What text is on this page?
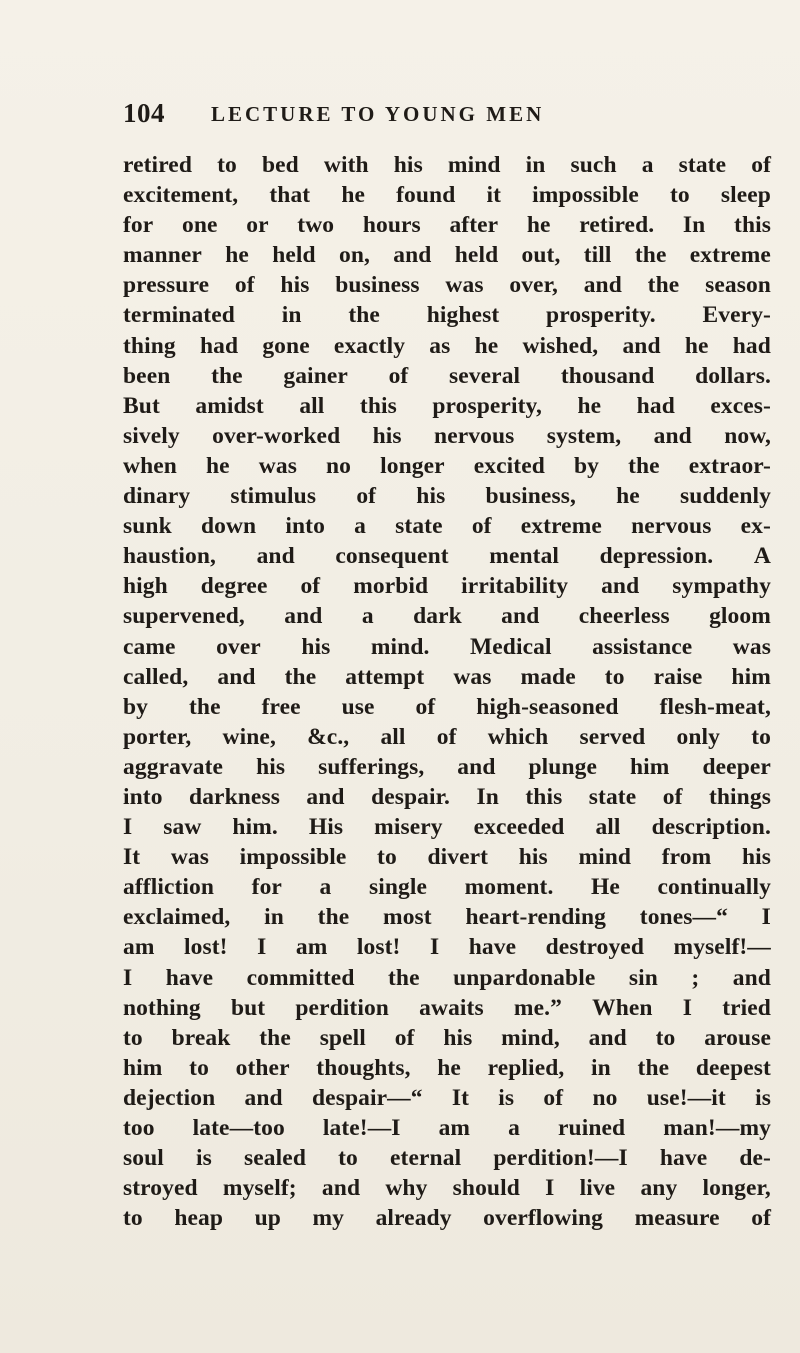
104 LECTURE TO YOUNG MEN
retired to bed with his mind in such a state of
excitement, that he found it impossible to sleep
for one or two hours after he retired. In this
manner he held on, and held out, till the extreme
pressure of his business was over, and the season
terminated in the highest prosperity. Every-
thing had gone exactly as he wished, and he had
been the gainer of several thousand dollars.
But amidst all this prosperity, he had exces-
sively over-worked his nervous system, and now,
when he was no longer excited by the extraor-
dinary stimulus of his business, he suddenly
sunk down into a state of extreme nervous ex-
haustion, and consequent mental depression. A
high degree of morbid irritability and sympathy
supervened, and a dark and cheerless gloom
came over his mind. Medical assistance was
called, and the attempt was made to raise him
by the free use of high-seasoned flesh-meat,
porter, wine, &c., all of which served only to
aggravate his sufferings, and plunge him deeper
into darkness and despair. In this state of things
I saw him. His misery exceeded all description.
It was impossible to divert his mind from his
affliction for a single moment. He continually
exclaimed, in the most heart-rending tones—“ I
am lost! I am lost! I have destroyed myself!—
I have committed the unpardonable sin ; and
nothing but perdition awaits me.” When I tried
to break the spell of his mind, and to arouse
him to other thoughts, he replied, in the deepest
dejection and despair—“ It is of no use!—it is
too late—too late!—I am a ruined man!—my
soul is sealed to eternal perdition!—I have de-
stroyed myself; and why should I live any longer,
to heap up my already overflowing measure of
